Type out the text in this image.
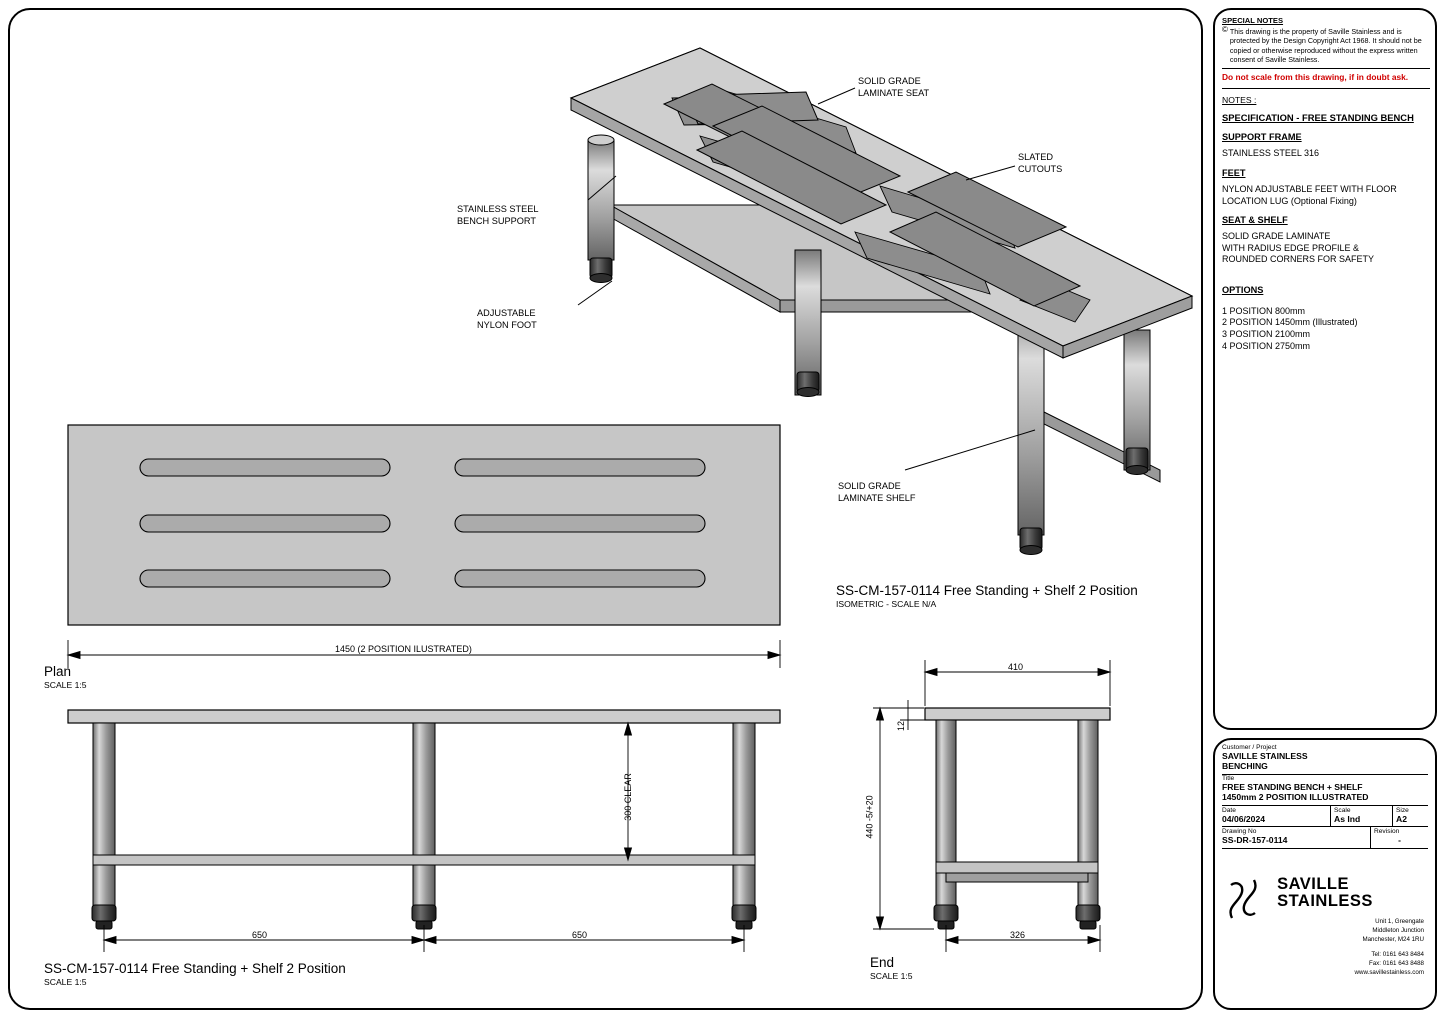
SOLID GRADE
LAMINATE SEAT
SLATED
CUTOUTS
STAINLESS STEEL
BENCH SUPPORT
ADJUSTABLE
NYLON FOOT
SOLID GRADE
LAMINATE SHELF
SS-CM-157-0114 Free Standing + Shelf 2 Position
ISOMETRIC - SCALE N/A
1450 (2 POSITION ILUSTRATED)
Plan
SCALE 1:5
300 CLEAR
650	650
SS-CM-157-0114 Free Standing + Shelf 2 Position
SCALE 1:5
410
12
440 -5/+20
326
End
SCALE 1:5
SPECIAL NOTES
© This drawing is the property of Saville Stainless and is protected by the Design Copyright Act 1968. It should not be copied or otherwise reproduced without the express written consent of Saville Stainless.
Do not scale from this drawing, if in doubt ask.
NOTES :
SPECIFICATION - FREE STANDING BENCH
SUPPORT FRAME
STAINLESS STEEL 316
FEET
NYLON ADJUSTABLE FEET WITH FLOOR
LOCATION LUG (Optional Fixing)
SEAT & SHELF
SOLID GRADE LAMINATE
WITH RADIUS EDGE PROFILE &
ROUNDED CORNERS FOR SAFETY
OPTIONS
1 POSITION 800mm
2 POSITION 1450mm (Illustrated)
3 POSITION 2100mm
4 POSITION 2750mm
Customer / Project
SAVILLE STAINLESS
BENCHING
Title
FREE STANDING BENCH + SHELF
1450mm 2 POSITION ILLUSTRATED
Date
04/06/2024
Scale
As Ind
Size
A2
Drawing No
SS-DR-157-0114
Revision
-
SAVILLE
STAINLESS
Unit 1, Greengate
Middleton Junction
Manchester, M24 1RU
Tel: 0161 643 8484
Fax: 0161 643 8488
www.savillestainless.com
